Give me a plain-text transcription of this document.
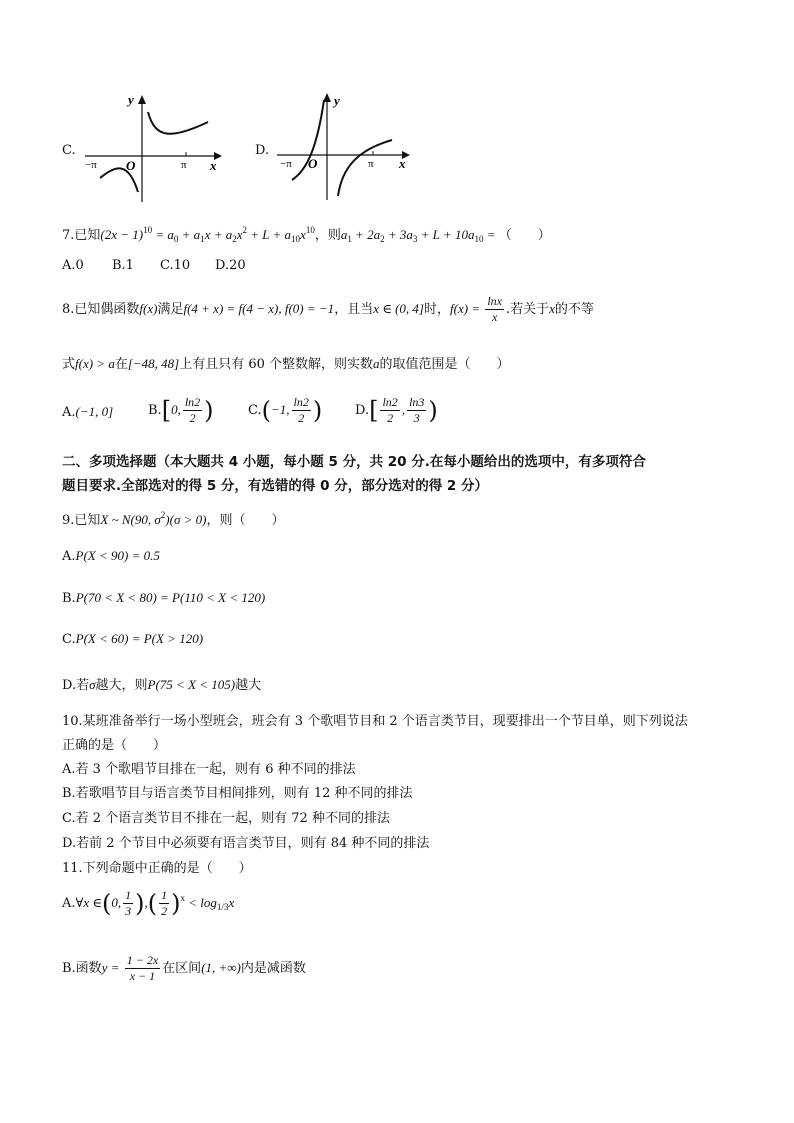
C.
y
x
O
−π	π
D.
y
x
O
−π	π
7.已知$(2x - 1)^{10} = a_0 + a_1x + a_2x^2 + L + a_{10}x^{10}$，则$a_1 + 2a_2 + 3a_3 + L + 10a_{10}$ = （　　）
A.0 B.1 C.10 D.20
8.已知偶函数f(x)满足f(4 + x) = f(4 − x), f(0) = −1，且当x ∈ (0, 4]时，$f(x) = \frac{\ln x}{x}$ .若关于x的不等
式f(x) > a在[−48, 48]上有且只有 60 个整数解，则实数a的取值范围是（　　）
A.(−1, 0]	B.[0, $\frac{\ln 2}{2}$ )	C.(−1, $\frac{\ln 2}{2}$ )	$D.[ \frac{\ln 2}{2}$ , $\frac{\ln 3}{3}$ )
二、多项选择题（本大题共 4 小题，每小题 5 分，共 20 分.在每小题给出的选项中，有多项符合
题目要求.全部选对的得 5 分，有选错的得 0 分，部分选对的得 2 分）
9.已知X ~ N(90, $\sigma^2)(\sigma > 0)$，则（　　）
A.P(X < 90) = 0.5
B.P(70 < X < 80) = P(110 < X < 120)
C.P(X < 60) = P(X > 120)
D.若σ越大，则P(75 < X < 105)越大
10.某班准备举行一场小型班会，班会有 3 个歌唱节目和 2 个语言类节目，现要排出一个节目单，则下列说法
正确的是（　　）
A.若 3 个歌唱节目排在一起，则有 6 种不同的排法
B.若歌唱节目与语言类节目相间排列，则有 12 种不同的排法
C.若 2 个语言类节目不排在一起，则有 72 种不同的排法
D.若前 2 个节目中必须要有语言类节目，则有 84 种不同的排法
11.下列命题中正确的是（　　）
A.∀x ∈(0, $\frac{1}{3}$ ),( $\frac{1}{2} )^x < \log_{1/3}x$
B.函数$y = \frac{1 - 2x}{x - 1}$ 在区间(1, +∞)内是减函数
